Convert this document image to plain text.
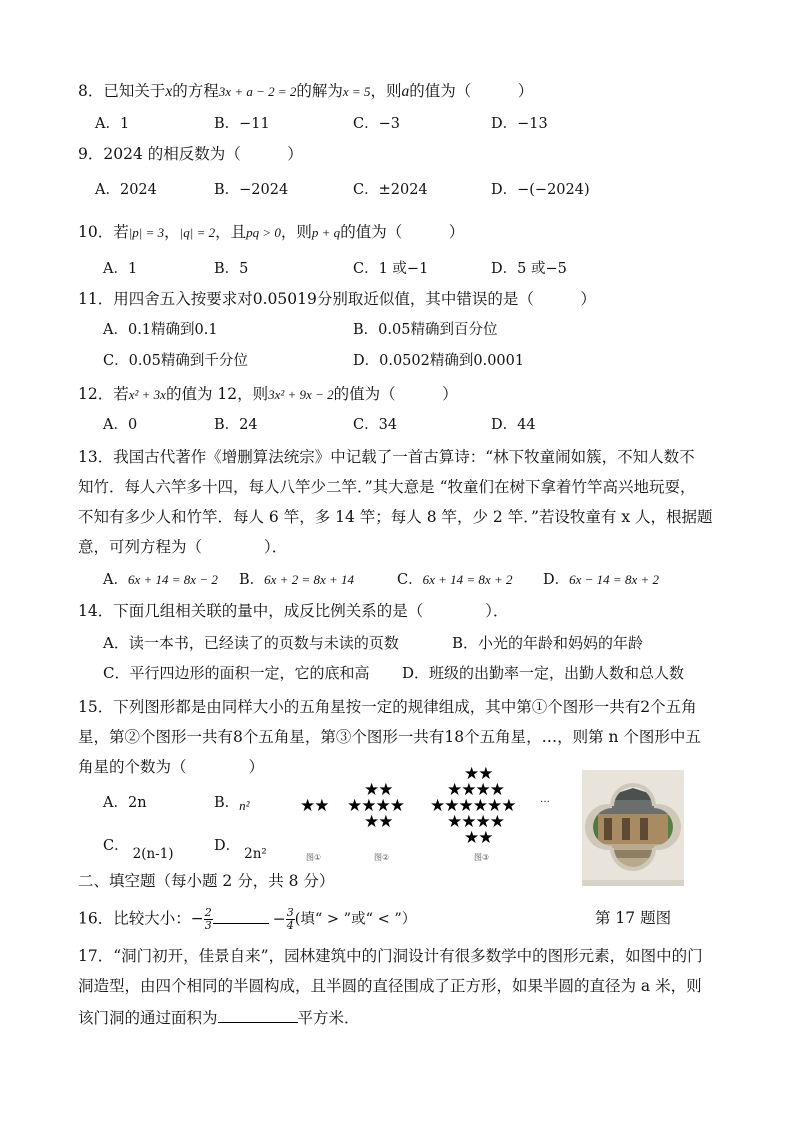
8．已知关于x的方程3x + a − 2 = 2的解为x = 5，则a的值为（　　　）
A．1	B．−11	C．−3	D．−13
9．2024 的相反数为（　　　）
A．2024	B．−2024	C．±2024	D．−(−2024)
10．若|p| = 3，|q| = 2，且pq > 0，则p + q的值为（　　　）
A．1	B．5	C．1 或−1	D．5 或−5
11．用四舍五入按要求对0.05019分别取近似值，其中错误的是（　　　）
A．0.1精确到0.1	B．0.05精确到百分位
C．0.05精确到千分位	D．0.0502精确到0.0001
12．若x² + 3x的值为 12，则3x² + 9x − 2的值为（　　　）
A．0	B．24	C．34	D．44
13．我国古代著作《增删算法统宗》中记载了一首古算诗：“林下牧童闹如簇，不知人数不
知竹．每人六竿多十四，每人八竿少二竿．”其大意是 “牧童们在树下拿着竹竿高兴地玩耍，
不知有多少人和竹竿．每人 6 竿，多 14 竿；每人 8 竿，少 2 竿．”若设牧童有 x 人，根据题
意，可列方程为（　　　　）．
A．6x + 14 = 8x − 2 B．6x + 2 = 8x + 14	C．6x + 14 = 8x + 2 D．6x − 14 = 8x + 2
14．下面几组相关联的量中，成反比例关系的是（　　　　）．
A．读一本书，已经读了的页数与未读的页数	B．小光的年龄和妈妈的年龄
C．平行四边形的面积一定，它的底和高 D．班级的出勤率一定，出勤人数和总人数
15．下列图形都是由同样大小的五角星按一定的规律组成，其中第①个图形一共有2个五角
星，第②个图形一共有8个五角星，第③个图形一共有18个五角星，…，则第 n 个图形中五
角星的个数为（　　　　）
A．2n	B．n²
C． 2(n-1)	D． 2n²
★★
★★
★★★★
★★
★★
★★★★
★★★★★★
★★★★
★★
…
图①	图②	图③
二、填空题（每小题 2 分，共 8 分）
16．比较大小：− $\frac{2}{3}$	− $\frac{3}{4}$ (填“ > ”或“ < ”）	第 17 题图
17．“洞门初开，佳景自来”，园林建筑中的门洞设计有很多数学中的图形元素，如图中的门
洞造型，由四个相同的半圆构成，且半圆的直径围成了正方形，如果半圆的直径为 a 米，则
该门洞的通过面积为	平方米．
